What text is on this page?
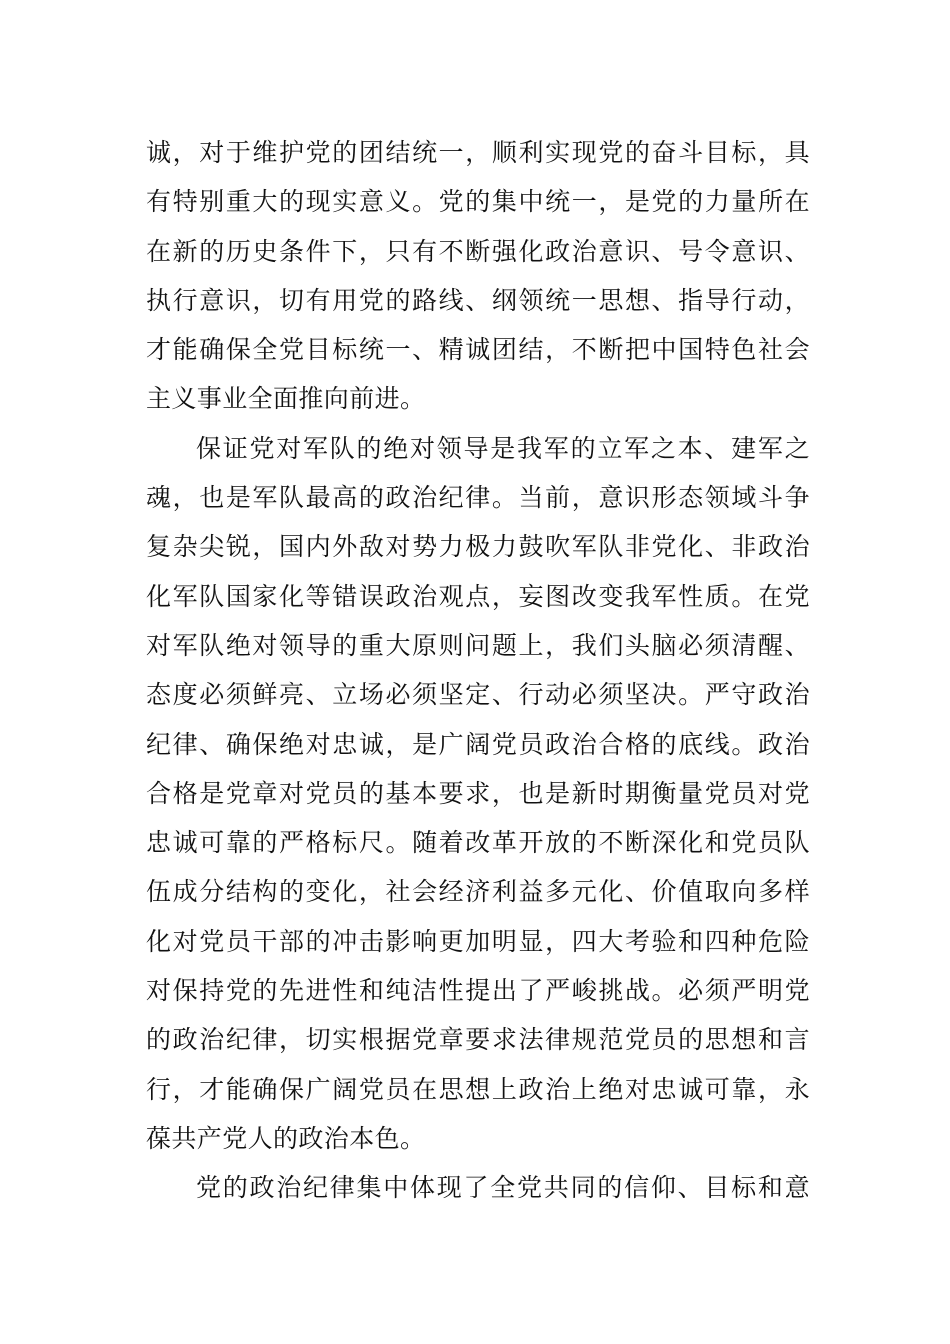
诚，对于维护党的团结统一，顺利实现党的奋斗目标，具
有特别重大的现实意义。党的集中统一，是党的力量所在
在新的历史条件下，只有不断强化政治意识、号令意识、
执行意识，切有用党的路线、纲领统一思想、指导行动，
才能确保全党目标统一、精诚团结，不断把中国特色社会
主义事业全面推向前进。
保证党对军队的绝对领导是我军的立军之本、建军之
魂，也是军队最高的政治纪律。当前，意识形态领域斗争
复杂尖锐，国内外敌对势力极力鼓吹军队非党化、非政治
化军队国家化等错误政治观点，妄图改变我军性质。在党
对军队绝对领导的重大原则问题上，我们头脑必须清醒、
态度必须鲜亮、立场必须坚定、行动必须坚决。严守政治
纪律、确保绝对忠诚，是广阔党员政治合格的底线。政治
合格是党章对党员的基本要求，也是新时期衡量党员对党
忠诚可靠的严格标尺。随着改革开放的不断深化和党员队
伍成分结构的变化，社会经济利益多元化、价值取向多样
化对党员干部的冲击影响更加明显，四大考验和四种危险
对保持党的先进性和纯洁性提出了严峻挑战。必须严明党
的政治纪律，切实根据党章要求法律规范党员的思想和言
行，才能确保广阔党员在思想上政治上绝对忠诚可靠，永
葆共产党人的政治本色。
党的政治纪律集中体现了全党共同的信仰、目标和意
